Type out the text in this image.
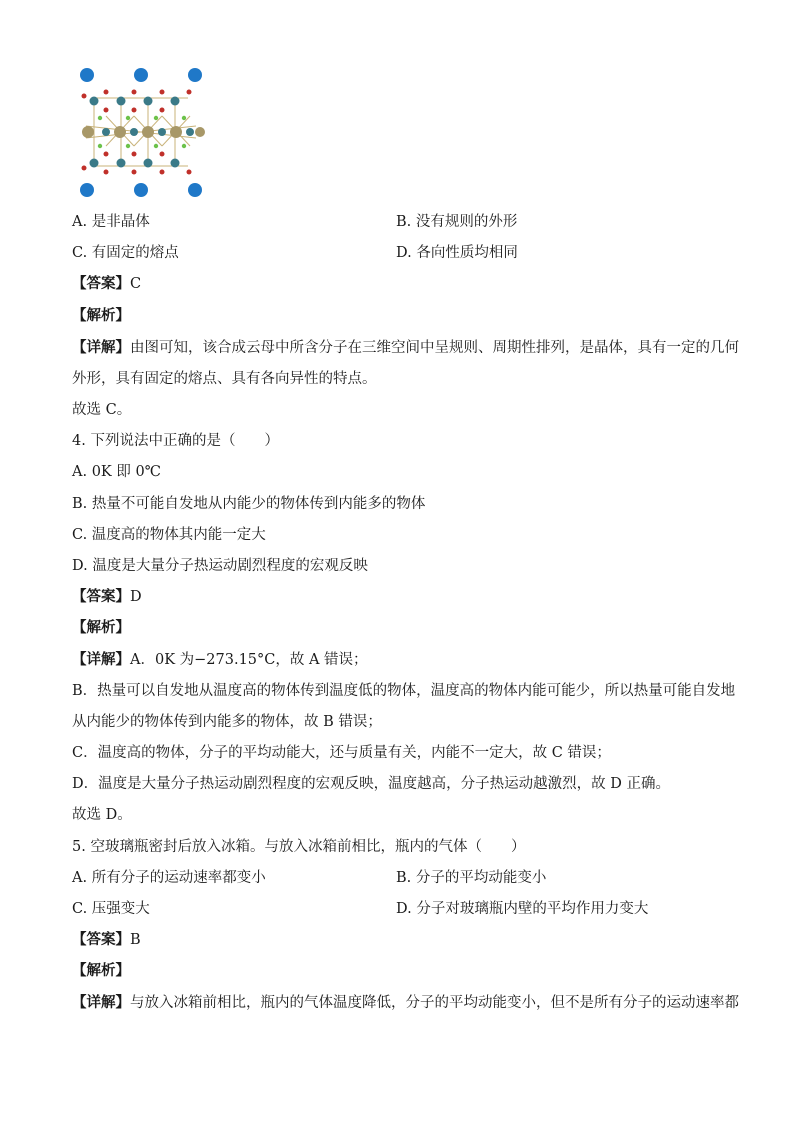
A. 是非晶体	B. 没有规则的外形
C. 有固定的熔点	D. 各向性质均相同
【答案】C
【解析】
【详解】由图可知，该合成云母中所含分子在三维空间中呈规则、周期性排列，是晶体，具有一定的几何
外形，具有固定的熔点、具有各向异性的特点。
故选 C。
4. 下列说法中正确的是（　　）
A. 0K 即 0℃
B. 热量不可能自发地从内能少的物体传到内能多的物体
C. 温度高的物体其内能一定大
D. 温度是大量分子热运动剧烈程度的宏观反映
【答案】D
【解析】
【详解】A．0K 为−273.15°C，故 A 错误；
B．热量可以自发地从温度高的物体传到温度低的物体，温度高的物体内能可能少，所以热量可能自发地
从内能少的物体传到内能多的物体，故 B 错误；
C．温度高的物体，分子的平均动能大，还与质量有关，内能不一定大，故 C 错误；
D．温度是大量分子热运动剧烈程度的宏观反映，温度越高，分子热运动越激烈，故 D 正确。
故选 D。
5. 空玻璃瓶密封后放入冰箱。与放入冰箱前相比，瓶内的气体（　　）
A. 所有分子的运动速率都变小	B. 分子的平均动能变小
C. 压强变大	D. 分子对玻璃瓶内壁的平均作用力变大
【答案】B
【解析】
【详解】与放入冰箱前相比，瓶内的气体温度降低，分子的平均动能变小，但不是所有分子的运动速率都
